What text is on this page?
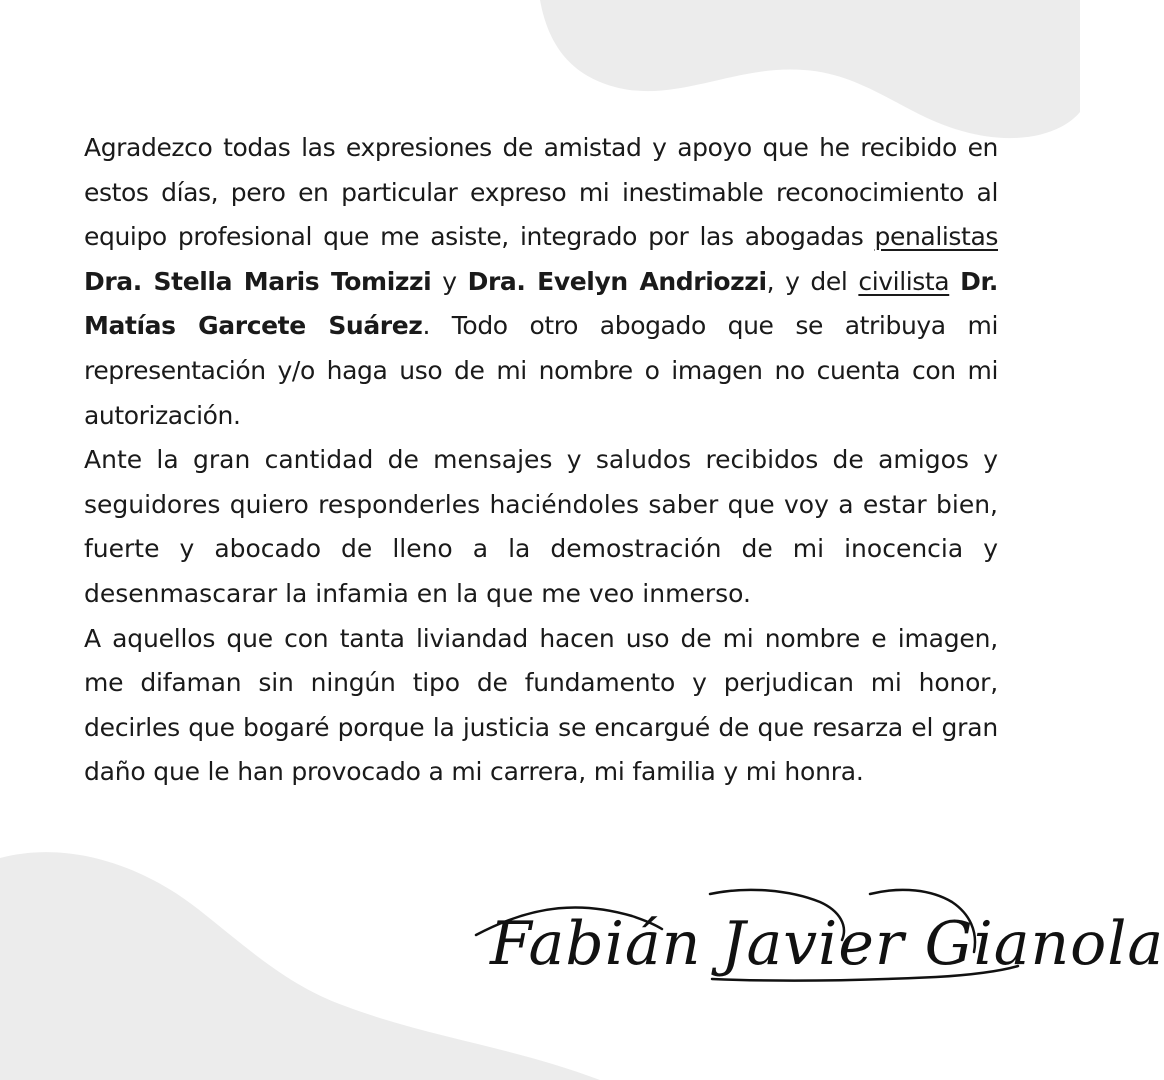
Agradezco todas las expresiones de amistad y apoyo que he recibido en estos días, pero en particular expreso mi inestimable reconocimiento al equipo profesional que me asiste, integrado por las abogadas penalistas Dra. Stella Maris Tomizzi y Dra. Evelyn Andriozzi, y del civilista Dr. Matías Garcete Suárez. Todo otro abogado que se atribuya mi representación y/o haga uso de mi nombre o imagen no cuenta con mi autorización.

Ante la gran cantidad de mensajes y saludos recibidos de amigos y seguidores quiero responderles haciéndoles saber que voy a estar bien, fuerte y abocado de lleno a la demostración de mi inocencia y desenmascarar la infamia en la que me veo inmerso.

A aquellos que con tanta liviandad hacen uso de mi nombre e imagen, me difaman sin ningún tipo de fundamento y perjudican mi honor, decirles que bogaré porque la justicia se encargué de que resarza el gran daño que le han provocado a mi carrera, mi familia y mi honra.

Fabián Javier Gianola
